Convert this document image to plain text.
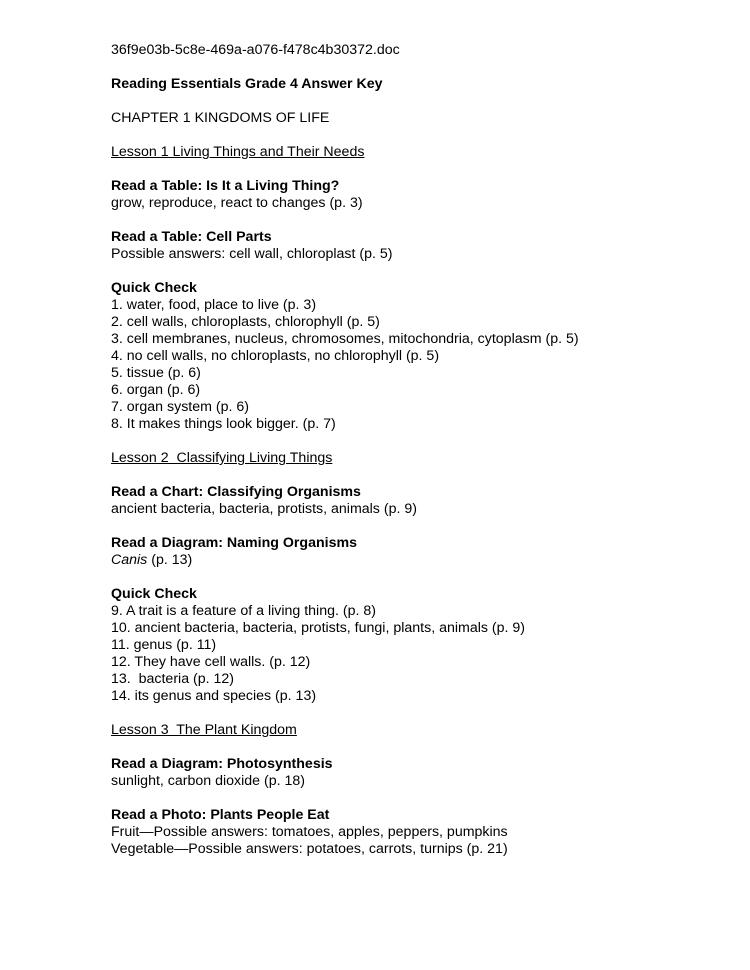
36f9e03b-5c8e-469a-a076-f478c4b30372.doc
Reading Essentials Grade 4 Answer Key
CHAPTER 1 KINGDOMS OF LIFE
Lesson 1 Living Things and Their Needs
Read a Table: Is It a Living Thing?
grow, reproduce, react to changes (p. 3)
Read a Table: Cell Parts
Possible answers: cell wall, chloroplast (p. 5)
Quick Check
1. water, food, place to live (p. 3)
2. cell walls, chloroplasts, chlorophyll (p. 5)
3. cell membranes, nucleus, chromosomes, mitochondria, cytoplasm (p. 5)
4. no cell walls, no chloroplasts, no chlorophyll (p. 5)
5. tissue (p. 6)
6. organ (p. 6)
7. organ system (p. 6)
8. It makes things look bigger. (p. 7)
Lesson 2  Classifying Living Things
Read a Chart: Classifying Organisms
ancient bacteria, bacteria, protists, animals (p. 9)
Read a Diagram: Naming Organisms
Canis (p. 13)
Quick Check
9. A trait is a feature of a living thing. (p. 8)
10. ancient bacteria, bacteria, protists, fungi, plants, animals (p. 9)
11. genus (p. 11)
12. They have cell walls. (p. 12)
13.  bacteria (p. 12)
14. its genus and species (p. 13)
Lesson 3  The Plant Kingdom
Read a Diagram: Photosynthesis
sunlight, carbon dioxide (p. 18)
Read a Photo: Plants People Eat
Fruit—Possible answers: tomatoes, apples, peppers, pumpkins
Vegetable—Possible answers: potatoes, carrots, turnips (p. 21)
